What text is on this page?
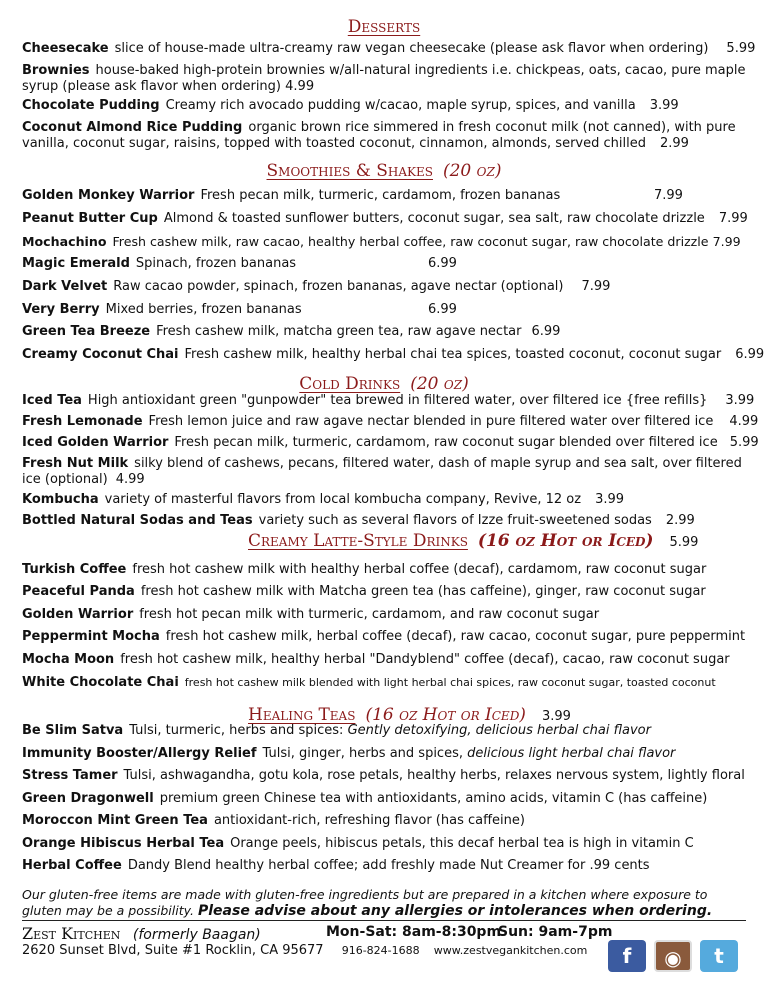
Desserts
Cheesecake slice of house-made ultra-creamy raw vegan cheesecake (please ask flavor when ordering) 5.99
Brownies house-baked high-protein brownies w/all-natural ingredients i.e. chickpeas, oats, cacao, pure maple syrup (please ask flavor when ordering) 4.99
Chocolate Pudding Creamy rich avocado pudding w/cacao, maple syrup, spices, and vanilla 3.99
Coconut Almond Rice Pudding organic brown rice simmered in fresh coconut milk (not canned), with pure vanilla, coconut sugar, raisins, topped with toasted coconut, cinnamon, almonds, served chilled 2.99
Smoothies & Shakes (20 oz)
Golden Monkey Warrior Fresh pecan milk, turmeric, cardamom, frozen bananas	7.99
Peanut Butter Cup Almond & toasted sunflower butters, coconut sugar, sea salt, raw chocolate drizzle 7.99
Mochachino Fresh cashew milk, raw cacao, healthy herbal coffee, raw coconut sugar, raw chocolate drizzle 7.99
Magic Emerald Spinach, frozen bananas	6.99
Dark Velvet Raw cacao powder, spinach, frozen bananas, agave nectar (optional) 7.99
Very Berry Mixed berries, frozen bananas	6.99
Green Tea Breeze Fresh cashew milk, matcha green tea, raw agave nectar 6.99
Creamy Coconut Chai Fresh cashew milk, healthy herbal chai tea spices, toasted coconut, coconut sugar 6.99
Cold Drinks (20 oz)
Iced Tea High antioxidant green "gunpowder" tea brewed in filtered water, over filtered ice {free refills} 3.99
Fresh Lemonade Fresh lemon juice and raw agave nectar blended in pure filtered water over filtered ice 4.99
Iced Golden Warrior Fresh pecan milk, turmeric, cardamom, raw coconut sugar blended over filtered ice 5.99
Fresh Nut Milk silky blend of cashews, pecans, filtered water, dash of maple syrup and sea salt, over filtered ice (optional) 4.99
Kombucha variety of masterful flavors from local kombucha company, Revive, 12 oz 3.99
Bottled Natural Sodas and Teas variety such as several flavors of Izze fruit-sweetened sodas 2.99
Creamy Latte-Style Drinks (16 oz Hot or Iced) 5.99
Turkish Coffee fresh hot cashew milk with healthy herbal coffee (decaf), cardamom, raw coconut sugar
Peaceful Panda fresh hot cashew milk with Matcha green tea (has caffeine), ginger, raw coconut sugar
Golden Warrior fresh hot pecan milk with turmeric, cardamom, and raw coconut sugar
Peppermint Mocha fresh hot cashew milk, herbal coffee (decaf), raw cacao, coconut sugar, pure peppermint
Mocha Moon fresh hot cashew milk, healthy herbal "Dandyblend" coffee (decaf), cacao, raw coconut sugar
White Chocolate Chai fresh hot cashew milk blended with light herbal chai spices, raw coconut sugar, toasted coconut
Healing Teas (16 oz Hot or Iced) 3.99
Be Slim Satva Tulsi, turmeric, herbs and spices: Gently detoxifying, delicious herbal chai flavor
Immunity Booster/Allergy Relief Tulsi, ginger, herbs and spices, delicious light herbal chai flavor
Stress Tamer Tulsi, ashwagandha, gotu kola, rose petals, healthy herbs, relaxes nervous system, lightly floral
Green Dragonwell premium green Chinese tea with antioxidants, amino acids, vitamin C (has caffeine)
Moroccon Mint Green Tea antioxidant-rich, refreshing flavor (has caffeine)
Orange Hibiscus Herbal Tea Orange peels, hibiscus petals, this decaf herbal tea is high in vitamin C
Herbal Coffee Dandy Blend healthy herbal coffee; add freshly made Nut Creamer for .99 cents
Our gluten-free items are made with gluten-free ingredients but are prepared in a kitchen where exposure to gluten may be a possibility. Please advise about any allergies or intolerances when ordering.
Zest Kitchen (formerly Baagan)	Mon-Sat: 8am-8:30pm
Sun: 9am-7pm
2620 Sunset Blvd, Suite #1 Rocklin, CA 95677 916-824-1688 www.zestvegankitchen.com	f	◉	t
